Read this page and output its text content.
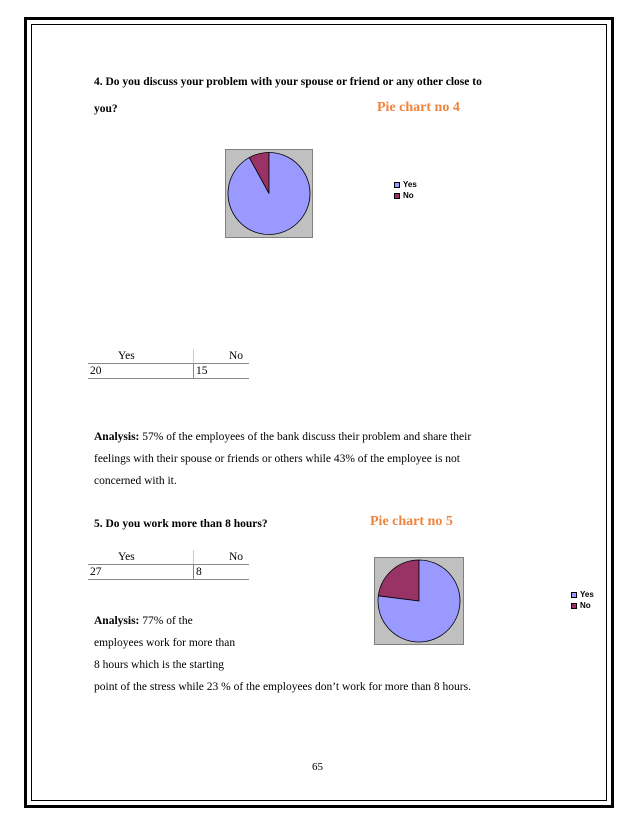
4. Do you discuss your problem with your spouse or friend or any other close to
you?	Pie chart no 4
Yes
No
Yes	No
20	15
Analysis: 57% of the employees of the bank discuss their problem and share their
feelings with their spouse or friends or others while 43% of the employee is not
concerned with it.
5. Do you work more than 8 hours?	Pie chart no 5
Yes	No
27	8
Yes
No
Analysis: 77% of the
employees work for more than
8 hours which is the starting
point of the stress while 23 % of the employees don’t work for more than 8 hours.
65
